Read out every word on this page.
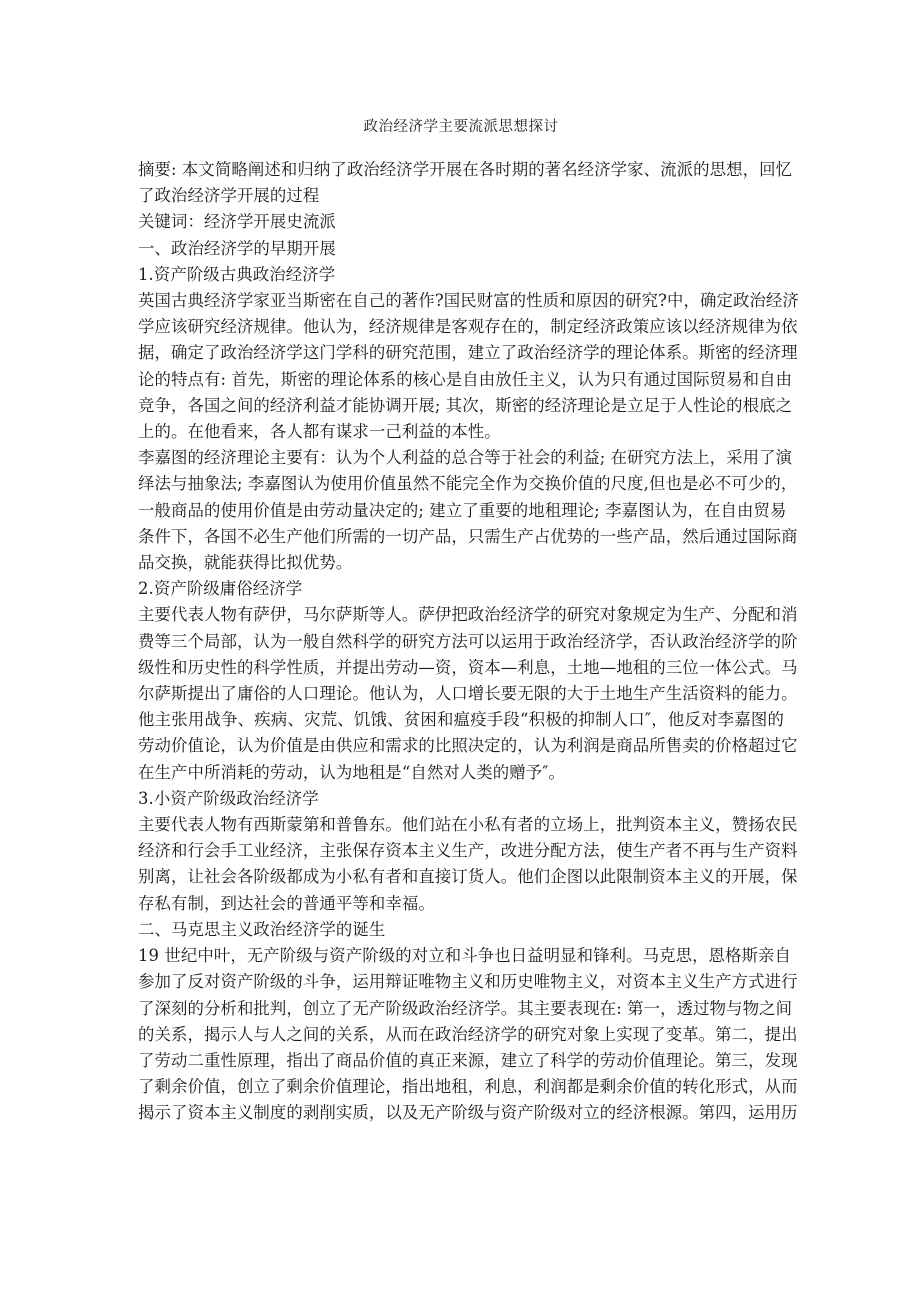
政治经济学主要流派思想探讨

摘要: 本文简略阐述和归纳了政治经济学开展在各时期的著名经济学家、流派的思想，回忆

了政治经济学开展的过程

关键词：经济学开展史流派

一、政治经济学的早期开展

1.资产阶级古典政治经济学

英国古典经济学家亚当斯密在自己的著作?国民财富的性质和原因的研究?中，确定政治经济

学应该研究经济规律。他认为，经济规律是客观存在的，制定经济政策应该以经济规律为依

据，确定了政治经济学这门学科的研究范围，建立了政治经济学的理论体系。斯密的经济理

论的特点有: 首先，斯密的理论体系的核心是自由放任主义，认为只有通过国际贸易和自由

竞争，各国之间的经济利益才能协调开展; 其次，斯密的经济理论是立足于人性论的根底之

上的。在他看来，各人都有谋求一己利益的本性。

李嘉图的经济理论主要有：认为个人利益的总合等于社会的利益; 在研究方法上，采用了演

绎法与抽象法; 李嘉图认为使用价值虽然不能完全作为交换价值的尺度,但也是必不可少的，

一般商品的使用价值是由劳动量决定的; 建立了重要的地租理论; 李嘉图认为，在自由贸易

条件下，各国不必生产他们所需的一切产品，只需生产占优势的一些产品，然后通过国际商

品交换，就能获得比拟优势。

2.资产阶级庸俗经济学

主要代表人物有萨伊，马尔萨斯等人。萨伊把政治经济学的研究对象规定为生产、分配和消

费等三个局部，认为一般自然科学的研究方法可以运用于政治经济学，否认政治经济学的阶

级性和历史性的科学性质，并提出劳动—资，资本—利息，土地—地租的三位一体公式。马

尔萨斯提出了庸俗的人口理论。他认为，人口增长要无限的大于土地生产生活资料的能力。

他主张用战争、疾病、灾荒、饥饿、贫困和瘟疫手段“积极的抑制人口″，他反对李嘉图的

劳动价值论，认为价值是由供应和需求的比照决定的，认为利润是商品所售卖的价格超过它

在生产中所消耗的劳动，认为地租是“自然对人类的赠予″。

3.小资产阶级政治经济学

主要代表人物有西斯蒙第和普鲁东。他们站在小私有者的立场上，批判资本主义，赞扬农民

经济和行会手工业经济，主张保存资本主义生产，改进分配方法，使生产者不再与生产资料

别离，让社会各阶级都成为小私有者和直接订货人。他们企图以此限制资本主义的开展，保

存私有制，到达社会的普通平等和幸福。

二、马克思主义政治经济学的诞生

19 世纪中叶，无产阶级与资产阶级的对立和斗争也日益明显和锋利。马克思，恩格斯亲自

参加了反对资产阶级的斗争，运用辩证唯物主义和历史唯物主义，对资本主义生产方式进行

了深刻的分析和批判，创立了无产阶级政治经济学。其主要表现在: 第一，透过物与物之间

的关系，揭示人与人之间的关系，从而在政治经济学的研究对象上实现了变革。第二，提出

了劳动二重性原理，指出了商品价值的真正来源，建立了科学的劳动价值理论。第三，发现

了剩余价值，创立了剩余价值理论，指出地租，利息，利润都是剩余价值的转化形式，从而

揭示了资本主义制度的剥削实质，以及无产阶级与资产阶级对立的经济根源。第四，运用历
